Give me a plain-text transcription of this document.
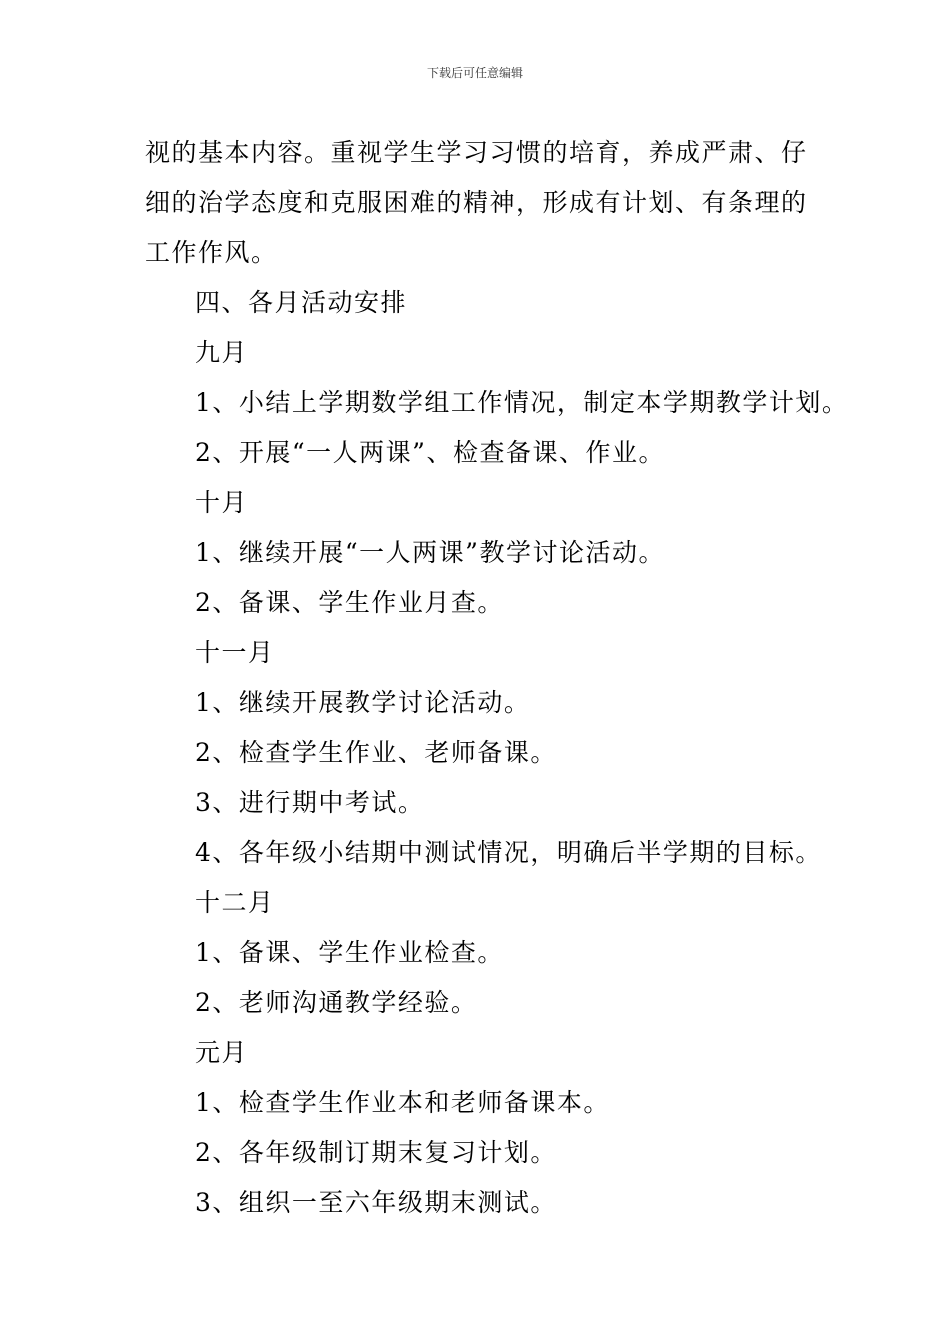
下载后可任意编辑

视的基本内容。重视学生学习习惯的培育，养成严肃、仔

细的治学态度和克服困难的精神，形成有计划、有条理的

工作作风。

四、各月活动安排

九月

1、小结上学期数学组工作情况，制定本学期教学计划。

2、开展“一人两课”、检查备课、作业。

十月

1、继续开展“一人两课”教学讨论活动。

2、备课、学生作业月查。

十一月

1、继续开展教学讨论活动。

2、检查学生作业、老师备课。

3、进行期中考试。

4、各年级小结期中测试情况，明确后半学期的目标。

十二月

1、备课、学生作业检查。

2、老师沟通教学经验。

元月

1、检查学生作业本和老师备课本。

2、各年级制订期末复习计划。

3、组织一至六年级期末测试。
